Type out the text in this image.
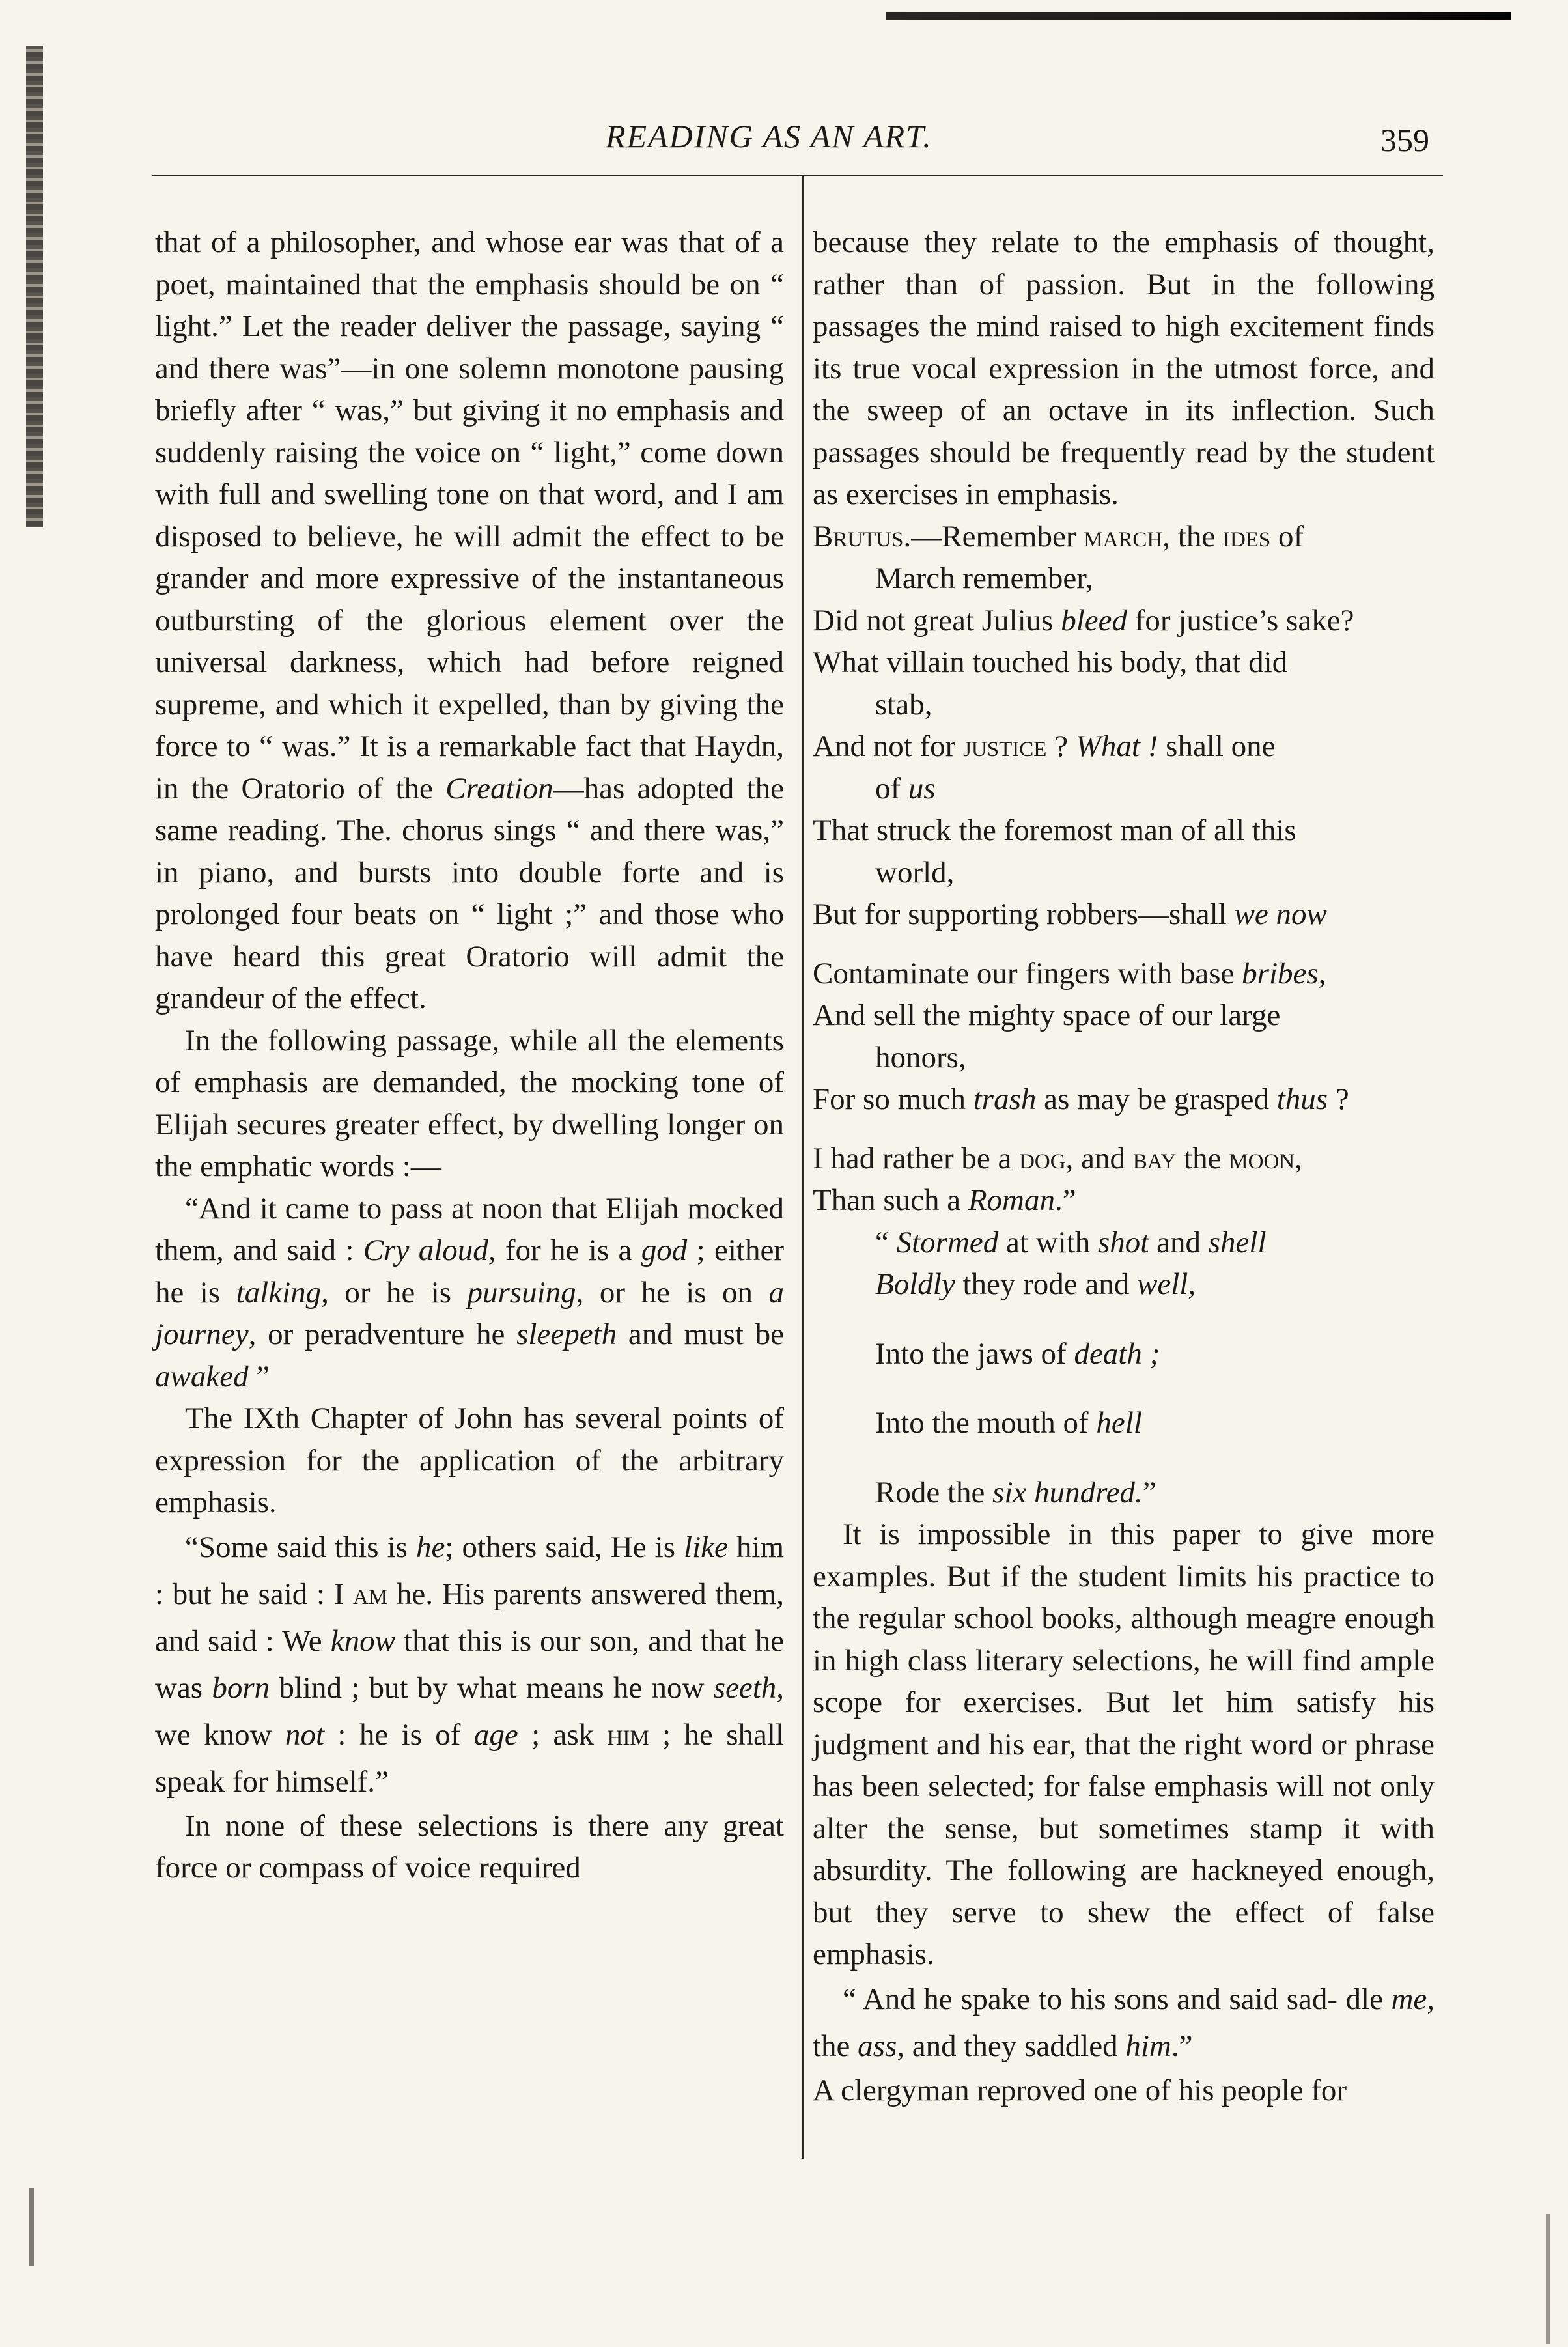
READING AS AN ART.	359

that of a philosopher, and whose ear was that of a poet, maintained that the emphasis should be on “ light.” Let the reader deliver the passage, saying “ and there was”—in one solemn monotone pausing briefly after “ was,” but giving it no emphasis and suddenly raising the voice on “ light,” come down with full and swelling tone on that word, and I am disposed to believe, he will admit the effect to be grander and more expressive of the instantaneous outbursting of the glorious element over the universal darkness, which had before reigned supreme, and which it expelled, than by giving the force to “ was.” It is a remarkable fact that Haydn, in the Oratorio of the Creation—has adopted the same reading. The. chorus sings “ and there was,” in piano, and bursts into double forte and is prolonged four beats on “ light ;” and those who have heard this great Oratorio will admit the grandeur of the effect.

In the following passage, while all the elements of emphasis are demanded, the mocking tone of Elijah secures greater effect, by dwelling longer on the emphatic words :—

“And it came to pass at noon that Elijah mocked them, and said : Cry aloud, for he is a god ; either he is talking, or he is pursuing, or he is on a journey, or peradventure he sleepeth and must be awaked ”

The IXth Chapter of John has several points of expression for the application of the arbitrary emphasis.

“Some said this is he; others said, He is like him : but he said : I am he. His parents answered them, and said : We know that this is our son, and that he was born blind ; but by what means he now seeth, we know not : he is of age ; ask him ; he shall speak for himself.”

In none of these selections is there any great force or compass of voice required

because they relate to the emphasis of thought, rather than of passion. But in the following passages the mind raised to high excitement finds its true vocal expression in the utmost force, and the sweep of an octave in its inflection. Such passages should be frequently read by the student as exercises in emphasis.

Brutus.—Remember march, the ides of
March remember,
Did not great Julius bleed for justice’s sake?
What villain touched his body, that did
stab,
And not for justice ? What ! shall one
of us
That struck the foremost man of all this
world,
But for supporting robbers—shall we now
Contaminate our fingers with base bribes,
And sell the mighty space of our large
honors,
For so much trash as may be grasped thus ?
I had rather be a dog, and bay the moon,
Than such a Roman.”
“ Stormed at with shot and shell
Boldly they rode and well,
Into the jaws of death ;
Into the mouth of hell
Rode the six hundred.”

It is impossible in this paper to give more examples. But if the student limits his practice to the regular school books, although meagre enough in high class literary selections, he will find ample scope for exercises. But let him satisfy his judgment and his ear, that the right word or phrase has been selected; for false emphasis will not only alter the sense, but sometimes stamp it with absurdity. The following are hackneyed enough, but they serve to shew the effect of false emphasis.

“ And he spake to his sons and said sad- dle me, the ass, and they saddled him.”

A clergyman reproved one of his people for
